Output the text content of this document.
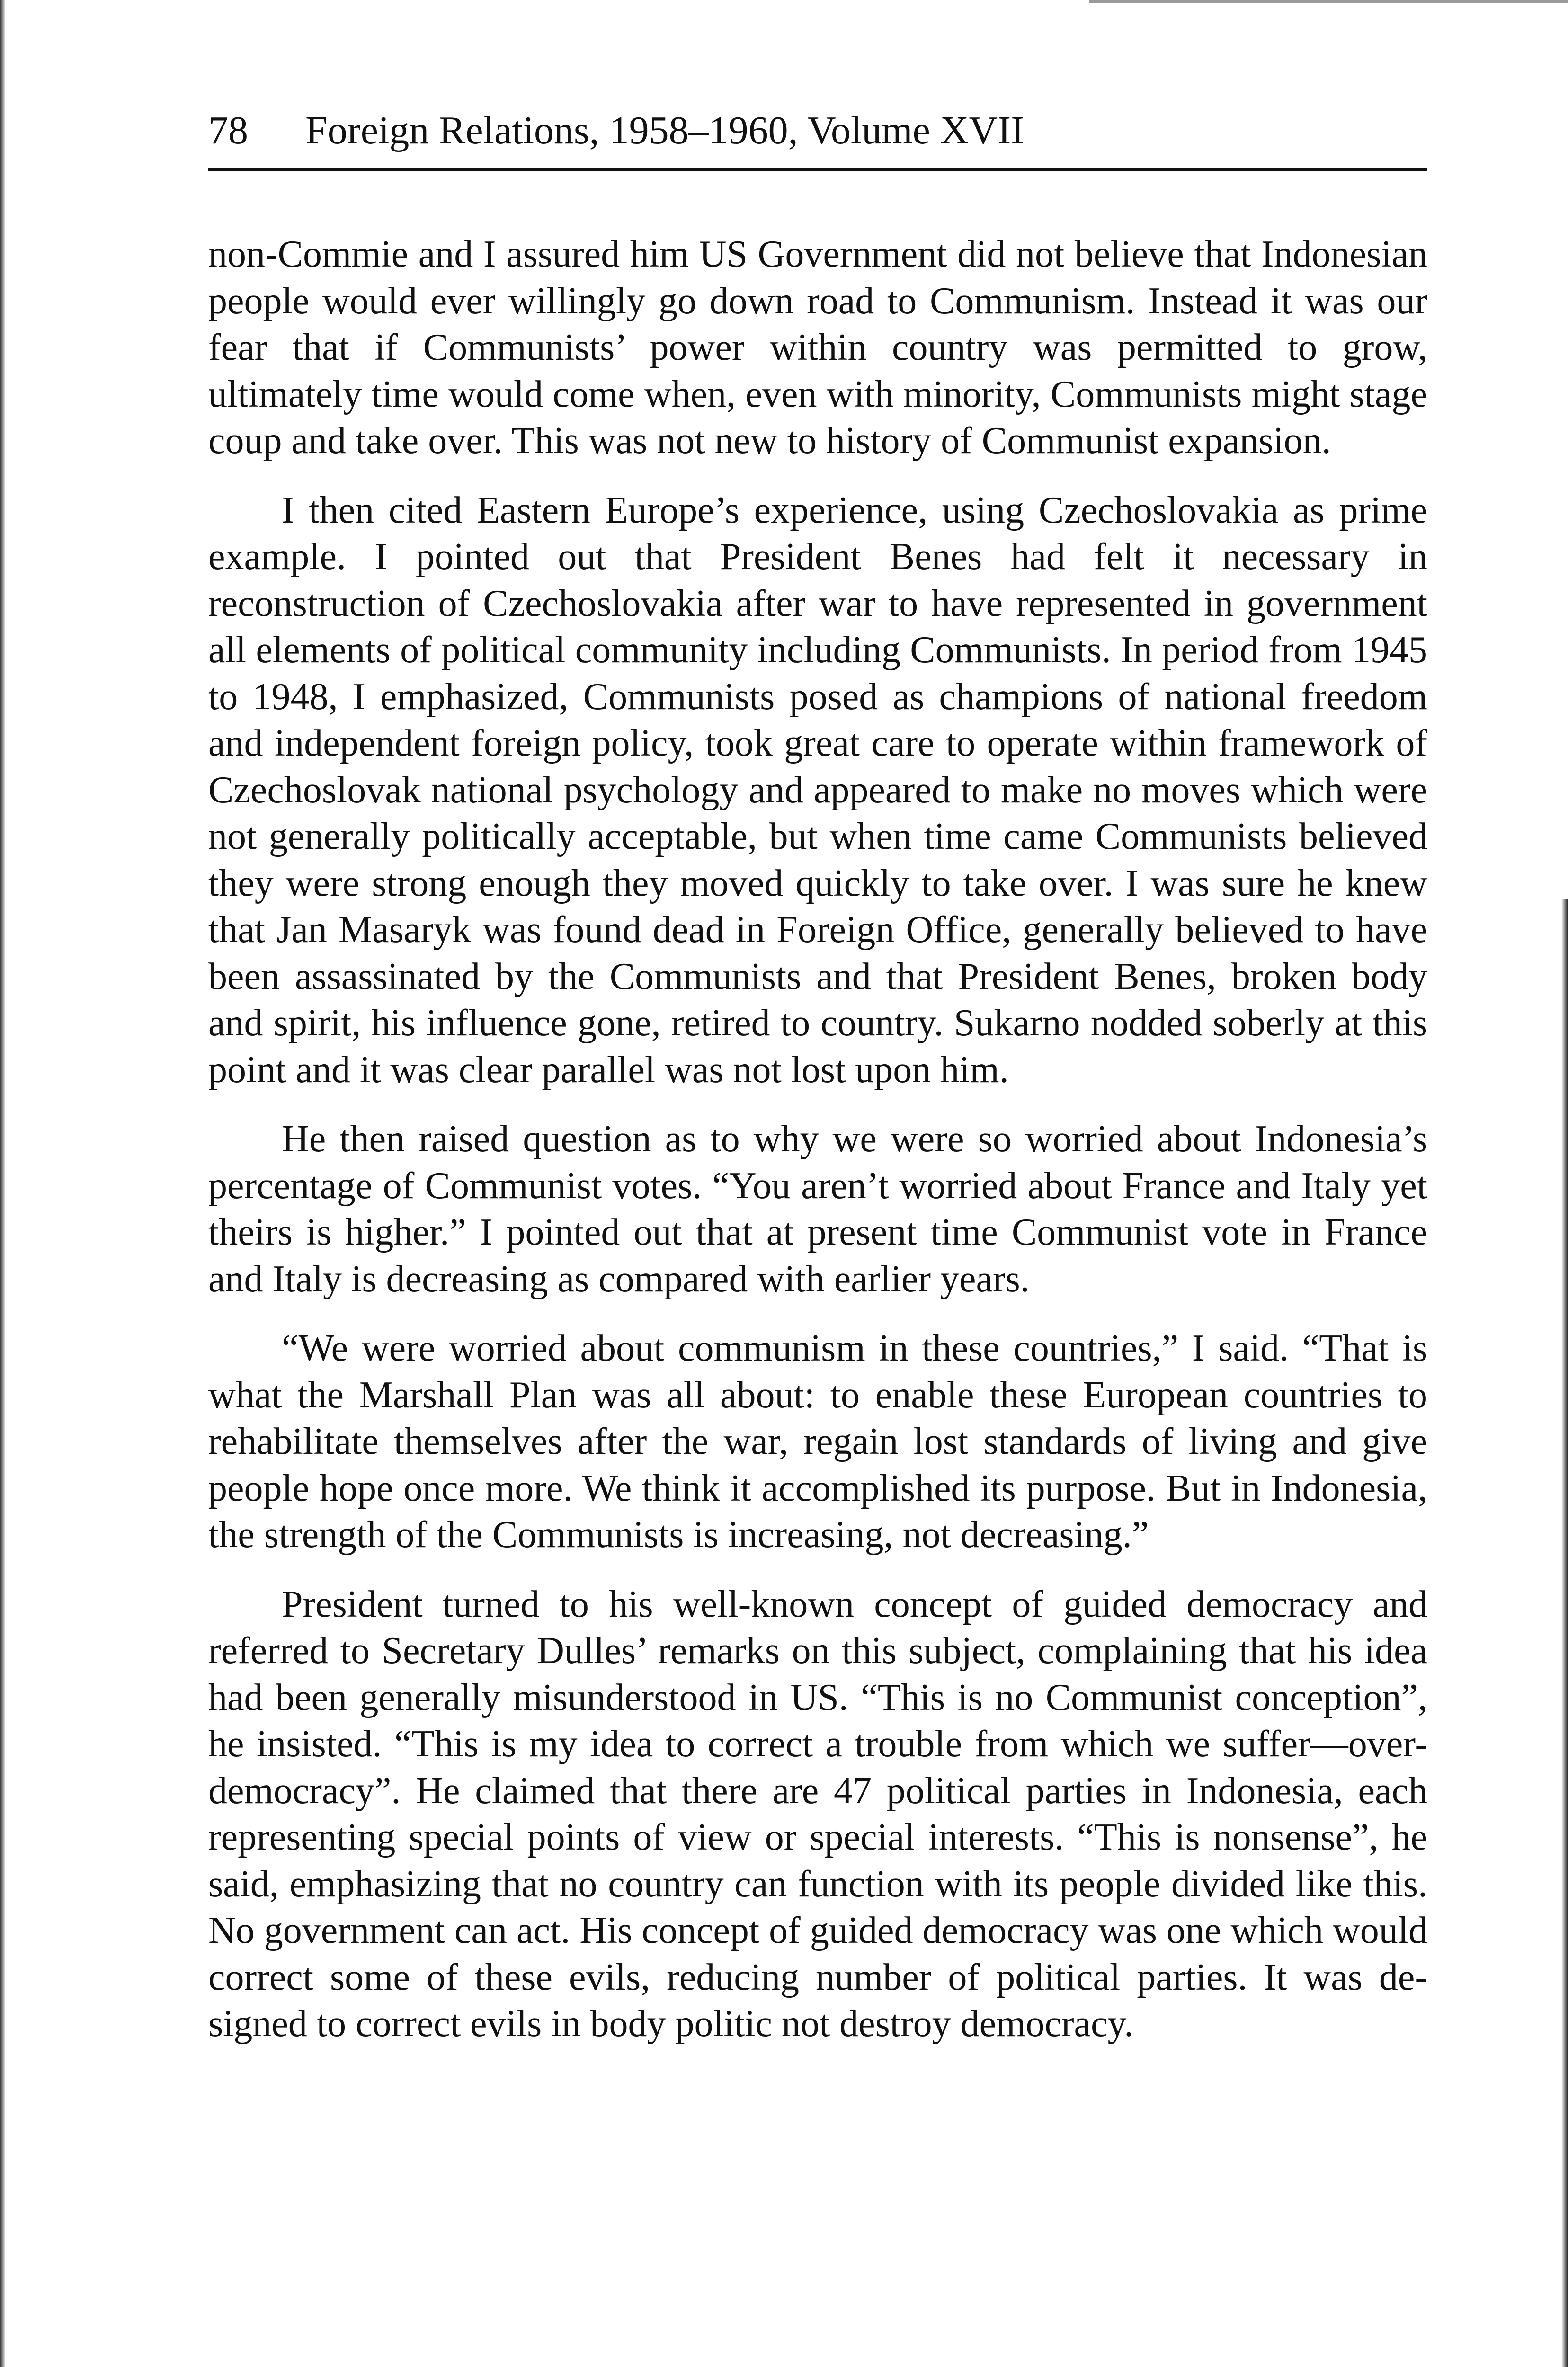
78 Foreign Relations, 1958–1960, Volume XVII

non-Commie and I assured him US Government did not believe that Indonesian people would ever willingly go down road to Communism. Instead it was our fear that if Communists’ power within country was permitted to grow, ultimately time would come when, even with minority, Communists might stage coup and take over. This was not new to history of Communist expansion.

I then cited Eastern Europe’s experience, using Czechoslovakia as prime example. I pointed out that President Benes had felt it necessary in reconstruction of Czechoslovakia after war to have represented in government all elements of political community including Communists. In period from 1945 to 1948, I emphasized, Communists posed as champions of national freedom and independent foreign policy, took great care to operate within framework of Czechoslovak national psychology and appeared to make no moves which were not generally politically acceptable, but when time came Communists believed they were strong enough they moved quickly to take over. I was sure he knew that Jan Masaryk was found dead in Foreign Office, generally believed to have been assassinated by the Communists and that President Benes, broken body and spirit, his influence gone, retired to country. Sukarno nodded soberly at this point and it was clear parallel was not lost upon him.

He then raised question as to why we were so worried about Indonesia’s percentage of Communist votes. “You aren’t worried about France and Italy yet theirs is higher.” I pointed out that at present time Communist vote in France and Italy is decreasing as compared with earlier years.

“We were worried about communism in these countries,” I said. “That is what the Marshall Plan was all about: to enable these European countries to rehabilitate themselves after the war, regain lost standards of living and give people hope once more. We think it accomplished its purpose. But in Indonesia, the strength of the Communists is increasing, not decreasing.”

President turned to his well-known concept of guided democracy and referred to Secretary Dulles’ remarks on this subject, complaining that his idea had been generally misunderstood in US. “This is no Communist conception”, he insisted. “This is my idea to correct a trouble from which we suffer—over-democracy”. He claimed that there are 47 political parties in Indonesia, each representing special points of view or special interests. “This is nonsense”, he said, emphasizing that no country can function with its people divided like this. No government can act. His concept of guided democracy was one which would correct some of these evils, reducing number of political parties. It was designed to correct evils in body politic not destroy democracy.
